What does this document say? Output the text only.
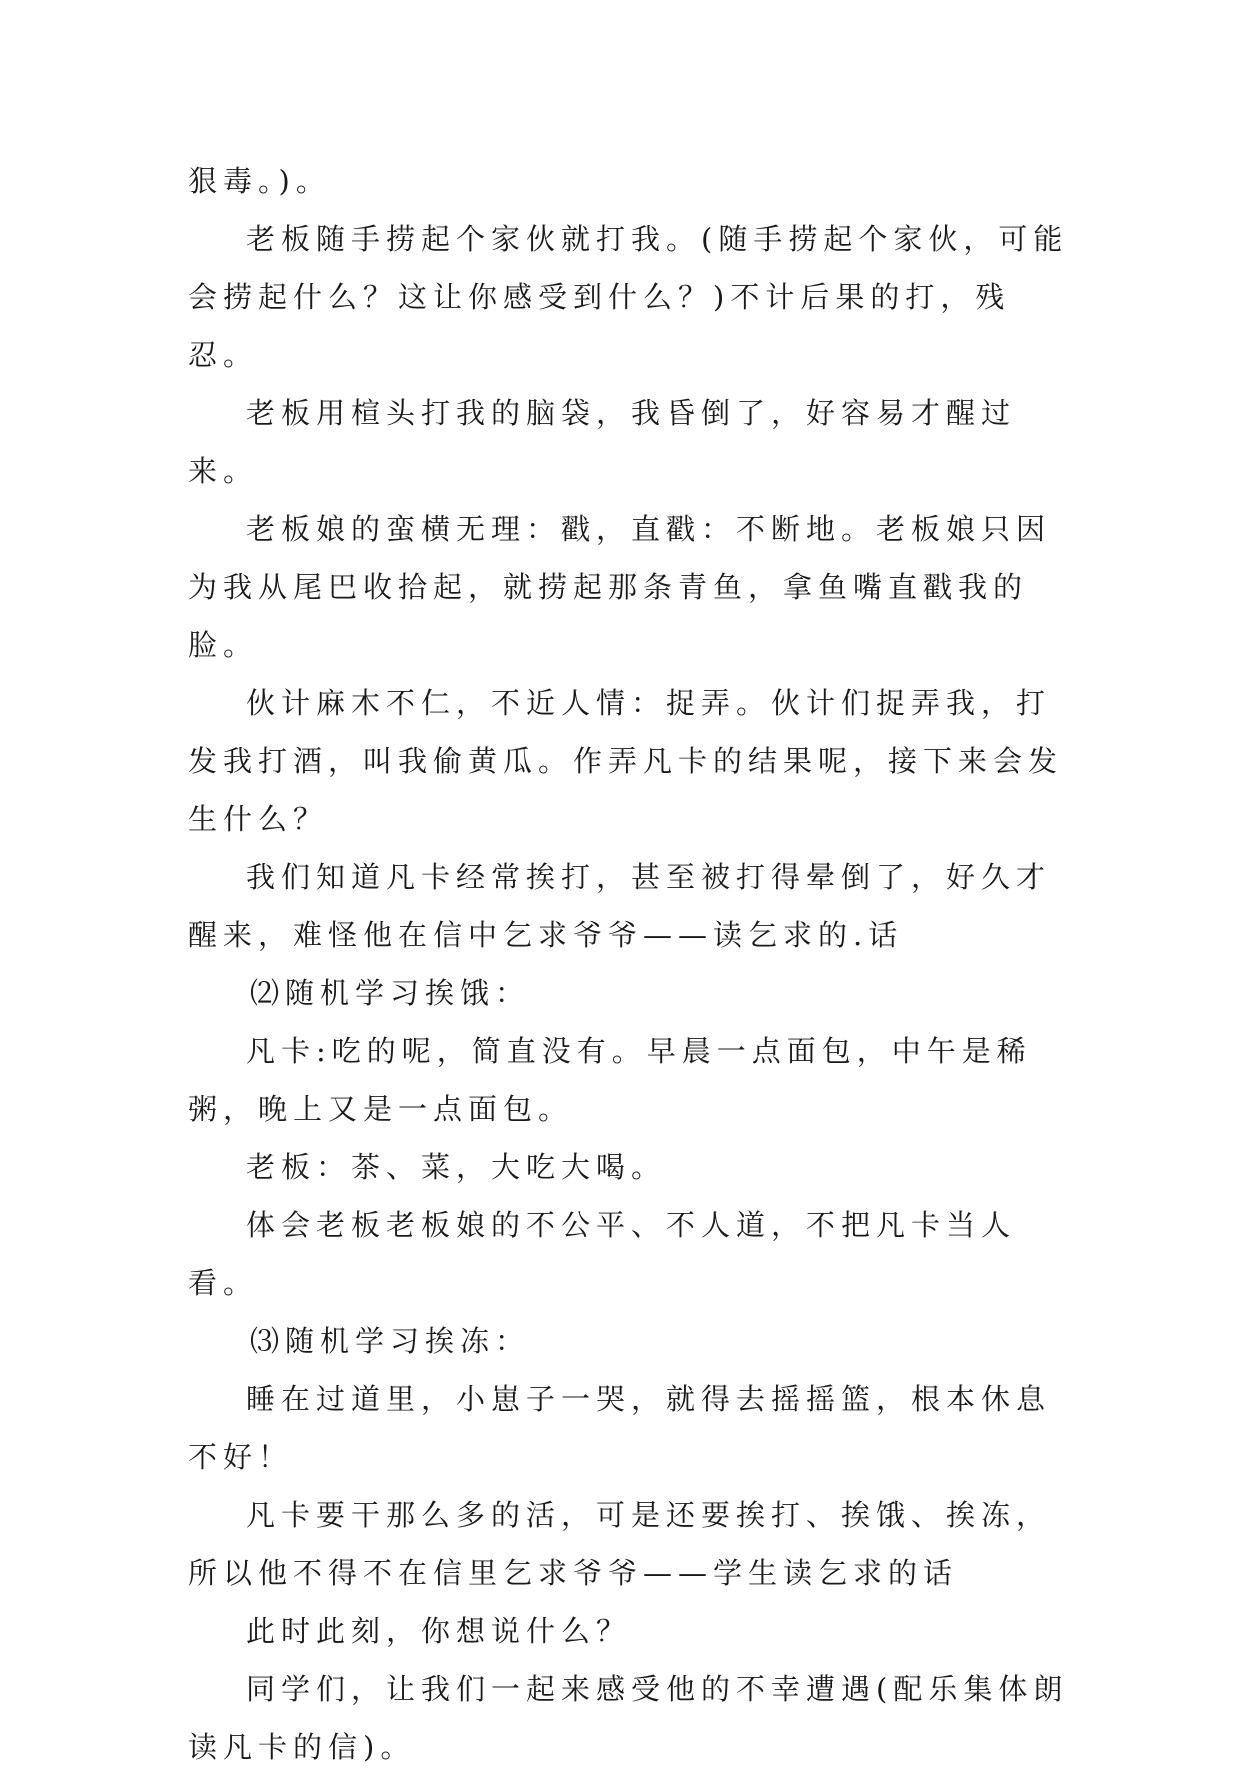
狠毒。)。

老板随手捞起个家伙就打我。(随手捞起个家伙，可能会捞起什么？这让你感受到什么？)不计后果的打，残忍。

老板用楦头打我的脑袋，我昏倒了，好容易才醒过来。

老板娘的蛮横无理：戳，直戳：不断地。老板娘只因为我从尾巴收拾起，就捞起那条青鱼，拿鱼嘴直戳我的脸。

伙计麻木不仁，不近人情：捉弄。伙计们捉弄我，打发我打酒，叫我偷黄瓜。作弄凡卡的结果呢，接下来会发生什么？

我们知道凡卡经常挨打，甚至被打得晕倒了，好久才醒来，难怪他在信中乞求爷爷——读乞求的.话

⑵随机学习挨饿：

凡卡:吃的呢，简直没有。早晨一点面包，中午是稀粥，晚上又是一点面包。

老板：茶、菜，大吃大喝。

体会老板老板娘的不公平、不人道，不把凡卡当人看。

⑶随机学习挨冻：

睡在过道里，小崽子一哭，就得去摇摇篮，根本休息不好！

凡卡要干那么多的活，可是还要挨打、挨饿、挨冻，所以他不得不在信里乞求爷爷——学生读乞求的话

此时此刻，你想说什么？

同学们，让我们一起来感受他的不幸遭遇(配乐集体朗读凡卡的信)。
